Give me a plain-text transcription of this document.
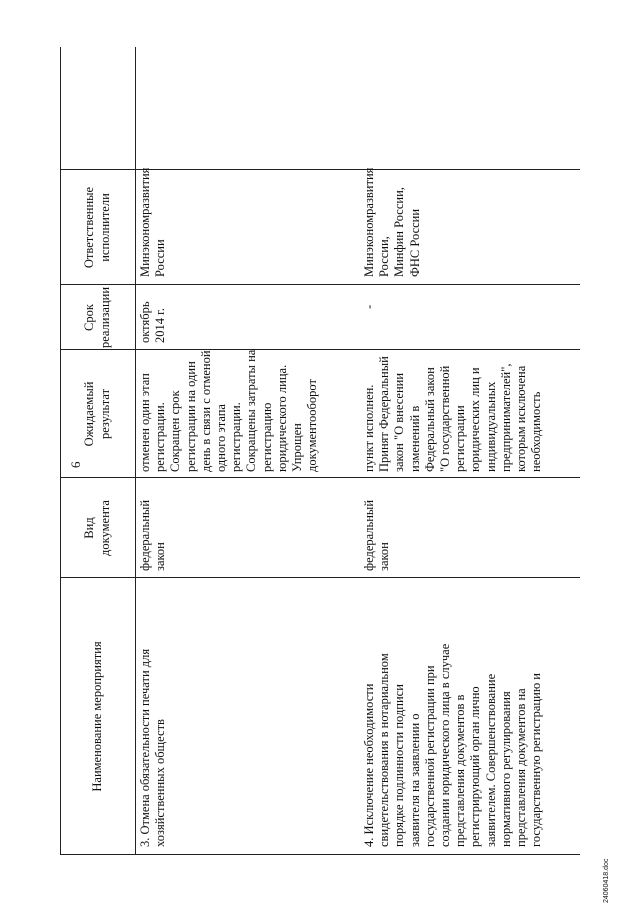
6
Наименование мероприятия
Вид
документа
Ожидаемый
результат
Срок
реализации
Ответственные
исполнители
3. Отмена обязательности печати для
хозяйственных обществ
федеральный
закон
отменен один этап
регистрации.
Сокращен срок
регистрации на один
день в связи с отменой
одного этапа
регистрации.
Сокращены затраты на
регистрацию
юридического лица.
Упрощен
документооборот
октябрь
2014 г.
Минэкономразвития
России
4. Исключение необходимости
свидетельствования в нотариальном
порядке подлинности подписи
заявителя на заявлении о
государственной регистрации при
создании юридического лица в случае
представления документов в
регистрирующий орган лично
заявителем. Совершенствование
нормативного регулирования
представления документов на
государственную регистрацию и
федеральный
закон
пункт исполнен.
Принят Федеральный
закон "О внесении
изменений в
Федеральный закон
"О государственной
регистрации
юридических лиц и
индивидуальных
предпринимателей",
которым исключена
необходимость
-
Минэкономразвития
России,
Минфин России,
ФНС России
24060418.doc
